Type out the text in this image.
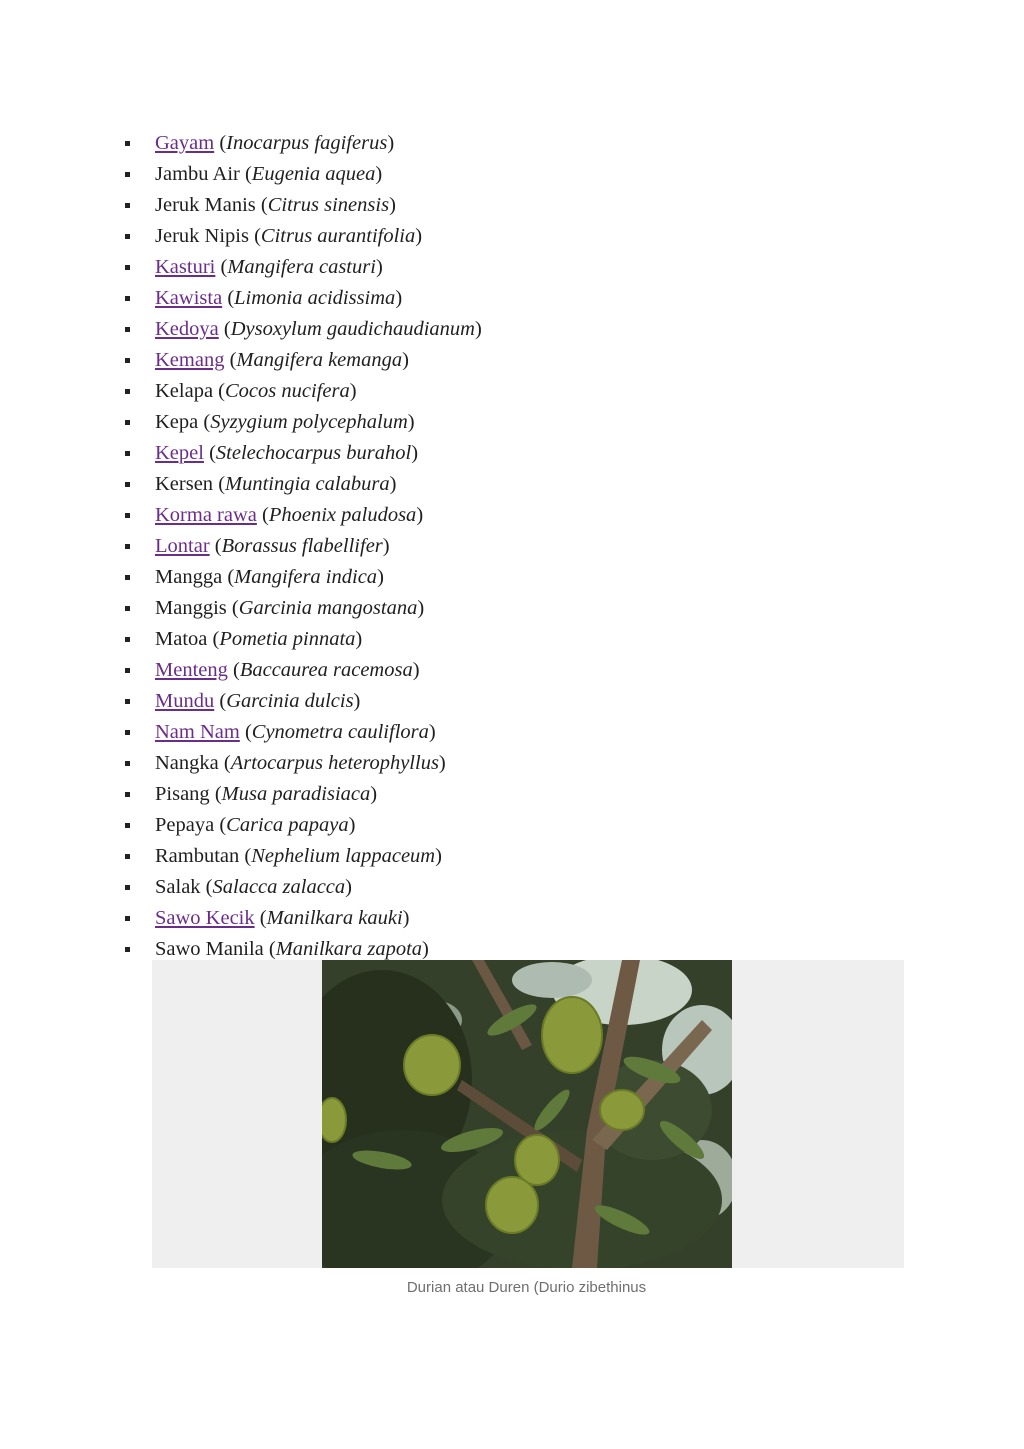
Gayam (Inocarpus fagiferus)
Jambu Air (Eugenia aquea)
Jeruk Manis (Citrus sinensis)
Jeruk Nipis (Citrus aurantifolia)
Kasturi (Mangifera casturi)
Kawista (Limonia acidissima)
Kedoya (Dysoxylum gaudichaudianum)
Kemang (Mangifera kemanga)
Kelapa (Cocos nucifera)
Kepa (Syzygium polycephalum)
Kepel (Stelechocarpus burahol)
Kersen (Muntingia calabura)
Korma rawa (Phoenix paludosa)
Lontar (Borassus flabellifer)
Mangga (Mangifera indica)
Manggis (Garcinia mangostana)
Matoa (Pometia pinnata)
Menteng (Baccaurea racemosa)
Mundu (Garcinia dulcis)
Nam Nam (Cynometra cauliflora)
Nangka (Artocarpus heterophyllus)
Pisang (Musa paradisiaca)
Pepaya (Carica papaya)
Rambutan (Nephelium lappaceum)
Salak (Salacca zalacca)
Sawo Kecik (Manilkara kauki)
Sawo Manila (Manilkara zapota)
Durian atau Duren (Durio zibethinus
